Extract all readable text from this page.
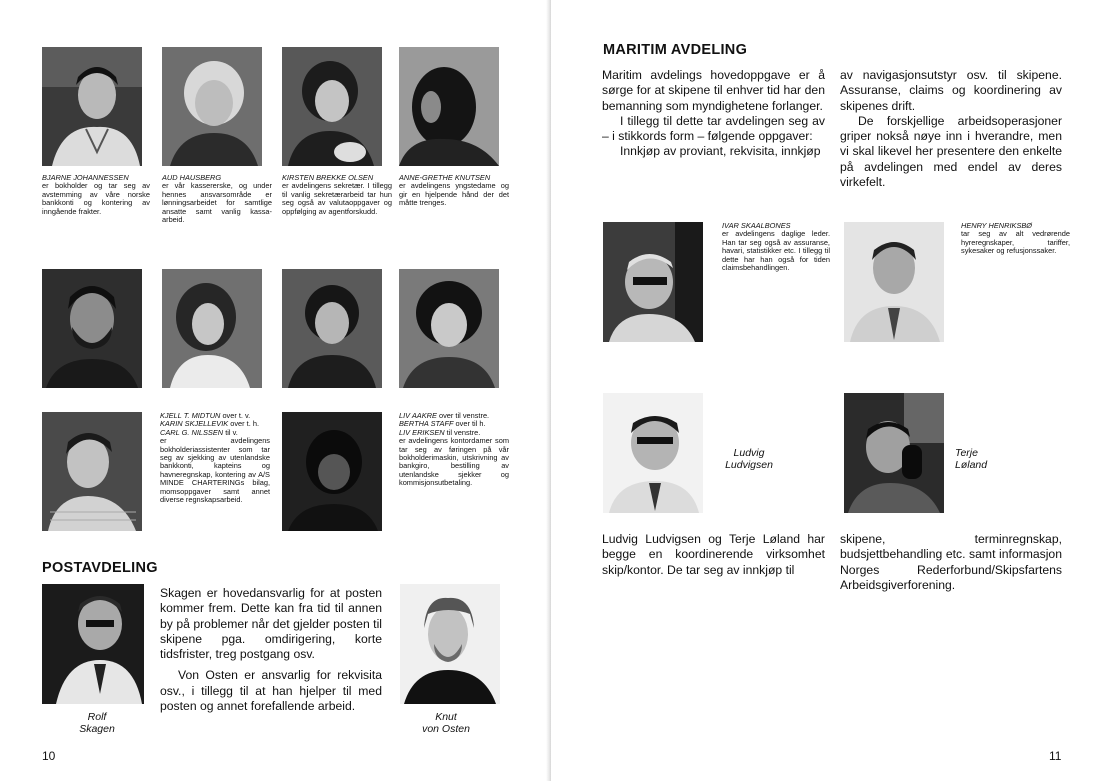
BJARNE JOHANNESSEN
er bokholder og tar seg av avstemming av våre norske bankkonti og kontering av inngående frakter.
AUD HAUSBERG
er vår kassererske, og under hennes ansvarsområde er lønningsarbeidet for samtlige ansatte samt vanlig kassa-arbeid.
KIRSTEN BREKKE OLSEN
er avdelingens sekretær. I tillegg til vanlig sekretærarbeid tar hun seg også av valutaoppgaver og oppfølging av agentforskudd.
ANNE-GRETHE KNUTSEN
er avdelingens yngstedame og gir en hjelpende hånd der det måtte trenges.
KJELL T. MIDTUN over t. v.
KARIN SKJELLEVIK over t. h.
CARL G. NILSSEN til v.
er avdelingens bokholderiassistenter som tar seg av sjekking av utenlandske bankkonti, kapteins og havneregnskap, kontering av A/S MINDE CHARTERINGs bilag, momsoppgaver samt annet diverse regnskapsarbeid.
LIV AAKRE over til venstre.
BERTHA STAFF over til h.
LIV ERIKSEN til venstre.
er avdelingens kontordamer som tar seg av føringen på vår bokholderimaskin, utskrivning av bankgiro, bestilling av utenlandske sjekker og kommisjonsutbetaling.
POSTAVDELING
Rolf
Skagen

Skagen er hovedansvarlig for at posten kommer frem. Dette kan fra tid til annen by på problemer når det gjelder posten til skipene pga. omdirigering, korte tidsfrister, treg postgang osv.

Von Osten er ansvarlig for rekvisita osv., i tillegg til at han hjelper til med posten og annet forefallende arbeid.

Knut
von Osten
10
MARITIM AVDELING

Maritim avdelings hovedoppgave er å sørge for at skipene til enhver tid har den bemanning som myndighetene forlanger.

I tillegg til dette tar avdelingen seg av – i stikkords form – følgende oppgaver:

Innkjøp av proviant, rekvisita, innkjøp

av navigasjonsutstyr osv. til skipene. Assuranse, claims og koordinering av skipenes drift.

De forskjellige arbeidsoperasjoner griper nokså nøye inn i hverandre, men vi skal likevel her presentere den enkelte på avdelingen med endel av deres virkefelt.

IVAR SKAALBONES
er avdelingens daglige leder. Han tar seg også av assuranse, havari, statistikker etc. I tillegg til dette har han også for tiden claimsbehandlingen.
HENRY HENRIKSBØ
tar seg av alt vedrørende hyreregnskaper, tariffer, sykesaker og refusjonssaker.
Ludvig
Ludvigsen
Terje
Løland

Ludvig Ludvigsen og Terje Løland har begge en koordinerende virksomhet skip/kontor. De tar seg av innkjøp til

skipene, terminregnskap, budsjettbehandling etc. samt informasjon Norges Rederforbund/Skipsfartens Arbeidsgiverforening.

11
